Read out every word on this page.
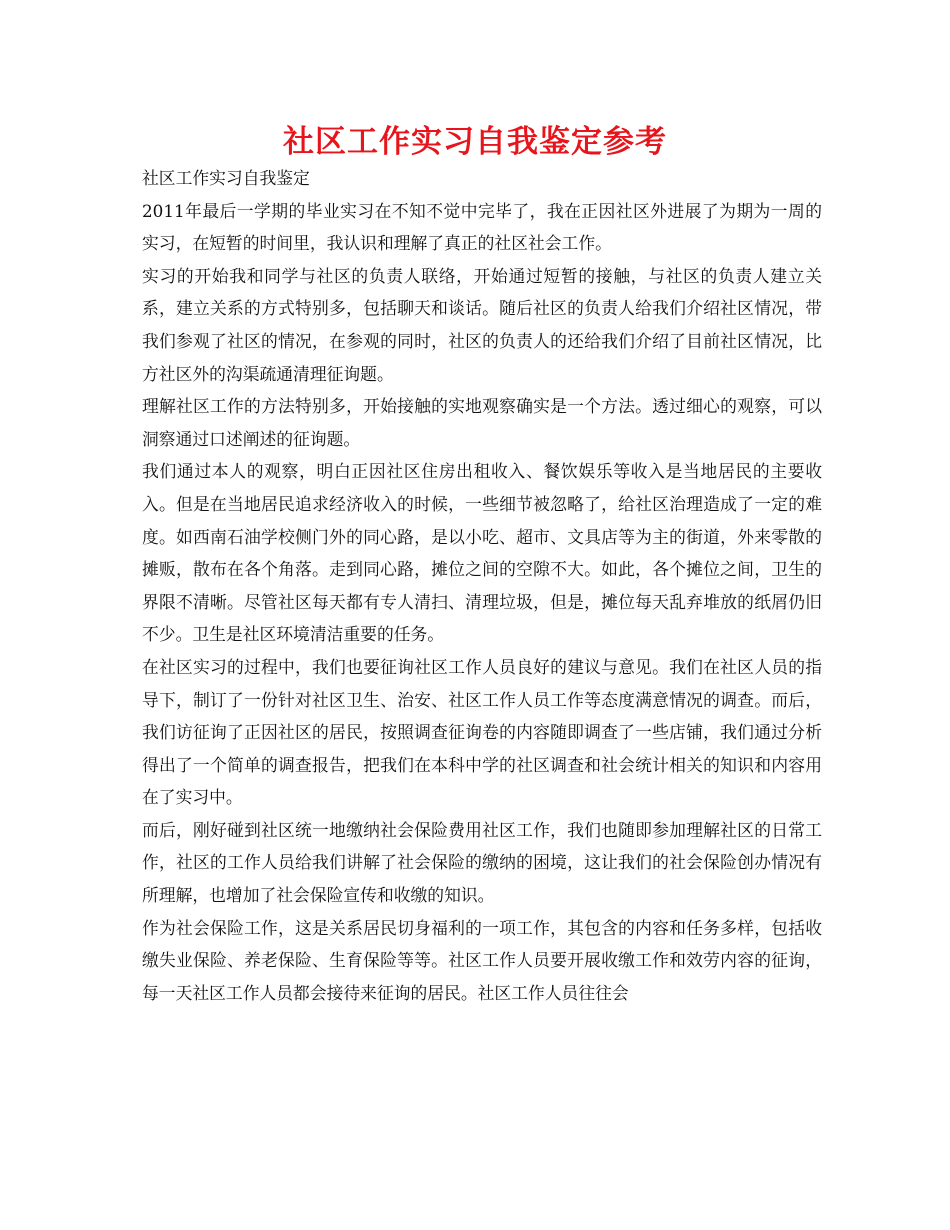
社区工作实习自我鉴定参考

社区工作实习自我鉴定

2011年最后一学期的毕业实习在不知不觉中完毕了，我在正因社区外进展了为期为一周的实习，在短暂的时间里，我认识和理解了真正的社区社会工作。

实习的开始我和同学与社区的负责人联络，开始通过短暂的接触，与社区的负责人建立关系，建立关系的方式特别多，包括聊天和谈话。随后社区的负责人给我们介绍社区情况，带我们参观了社区的情况，在参观的同时，社区的负责人的还给我们介绍了目前社区情况，比方社区外的沟渠疏通清理征询题。

理解社区工作的方法特别多，开始接触的实地观察确实是一个方法。透过细心的观察，可以洞察通过口述阐述的征询题。

我们通过本人的观察，明白正因社区住房出租收入、餐饮娱乐等收入是当地居民的主要收入。但是在当地居民追求经济收入的时候，一些细节被忽略了，给社区治理造成了一定的难度。如西南石油学校侧门外的同心路，是以小吃、超市、文具店等为主的街道，外来零散的摊贩，散布在各个角落。走到同心路，摊位之间的空隙不大。如此，各个摊位之间，卫生的界限不清晰。尽管社区每天都有专人清扫、清理垃圾，但是，摊位每天乱弃堆放的纸屑仍旧不少。卫生是社区环境清洁重要的任务。

在社区实习的过程中，我们也要征询社区工作人员良好的建议与意见。我们在社区人员的指导下，制订了一份针对社区卫生、治安、社区工作人员工作等态度满意情况的调查。而后，我们访征询了正因社区的居民，按照调查征询卷的内容随即调查了一些店铺，我们通过分析得出了一个简单的调查报告，把我们在本科中学的社区调查和社会统计相关的知识和内容用在了实习中。

而后，刚好碰到社区统一地缴纳社会保险费用社区工作，我们也随即参加理解社区的日常工作，社区的工作人员给我们讲解了社会保险的缴纳的困境，这让我们的社会保险创办情况有所理解，也增加了社会保险宣传和收缴的知识。

作为社会保险工作，这是关系居民切身福利的一项工作，其包含的内容和任务多样，包括收缴失业保险、养老保险、生育保险等等。社区工作人员要开展收缴工作和效劳内容的征询，每一天社区工作人员都会接待来征询的居民。社区工作人员往往会
